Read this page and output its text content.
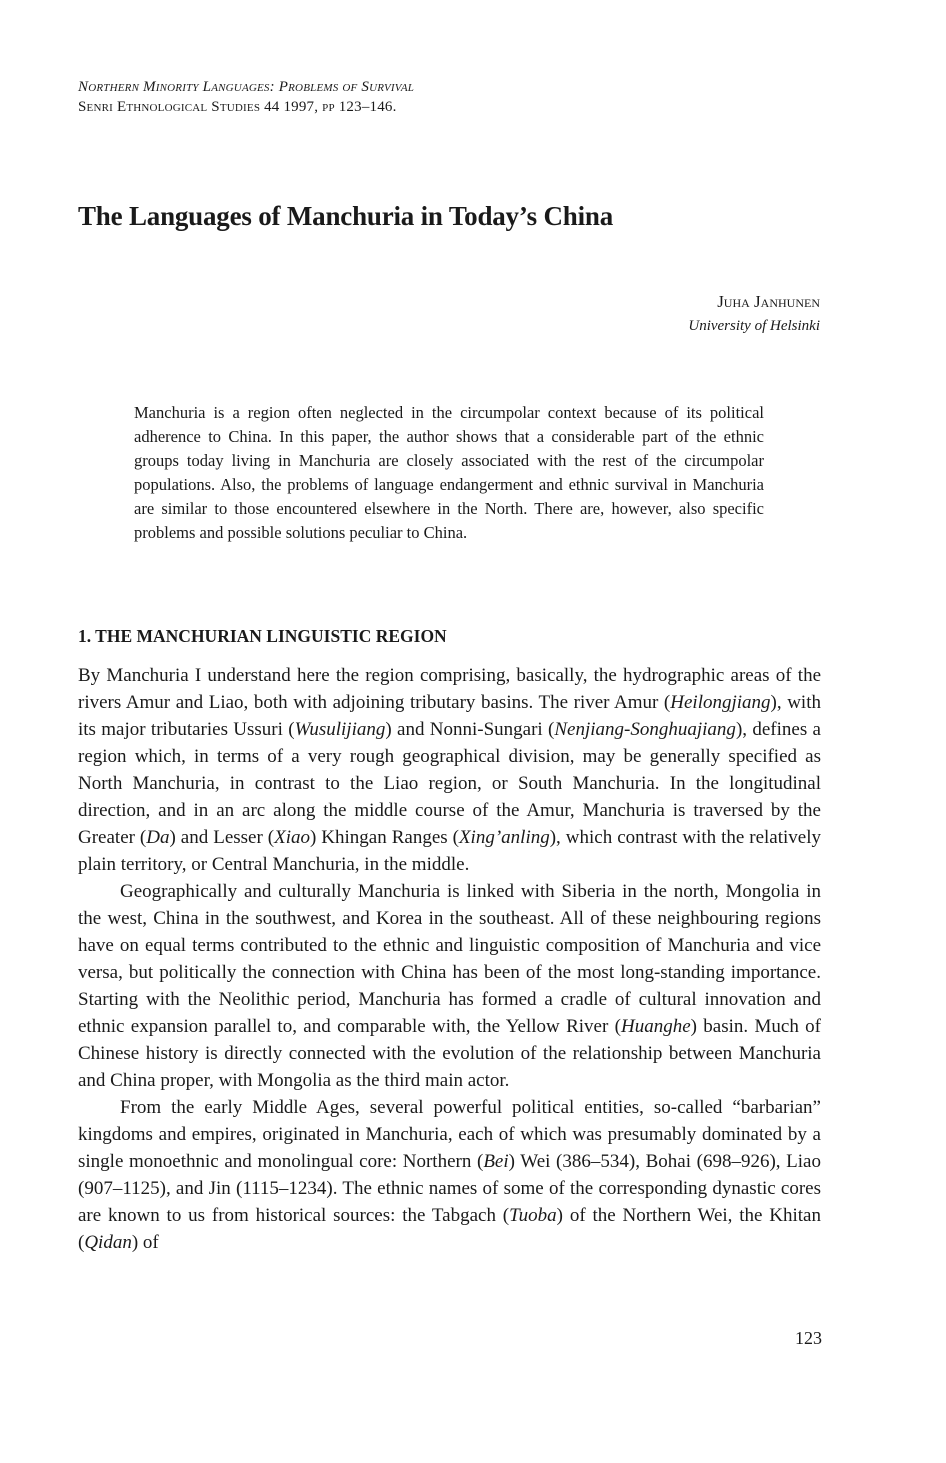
Northern Minority Languages: Problems of Survival
Senri Ethnological Studies 44 1997, pp 123–146.
The Languages of Manchuria in Today’s China
Juha Janhunen
University of Helsinki

Manchuria is a region often neglected in the circumpolar context because of its political adherence to China. In this paper, the author shows that a considerable part of the ethnic groups today living in Manchuria are closely associated with the rest of the circumpolar populations. Also, the problems of language endangerment and ethnic survival in Manchuria are similar to those encountered elsewhere in the North. There are, however, also specific problems and possible solutions peculiar to China.

1. THE MANCHURIAN LINGUISTIC REGION

By Manchuria I understand here the region comprising, basically, the hydrographic areas of the rivers Amur and Liao, both with adjoining tributary basins. The river Amur (Heilongjiang), with its major tributaries Ussuri (Wusulijiang) and Nonni-Sungari (Nenjiang-Songhuajiang), defines a region which, in terms of a very rough geographical division, may be generally specified as North Manchuria, in contrast to the Liao region, or South Manchuria. In the longitudinal direction, and in an arc along the middle course of the Amur, Manchuria is traversed by the Greater (Da) and Lesser (Xiao) Khingan Ranges (Xing’anling), which contrast with the relatively plain territory, or Central Manchuria, in the middle.

Geographically and culturally Manchuria is linked with Siberia in the north, Mongolia in the west, China in the southwest, and Korea in the southeast. All of these neighbouring regions have on equal terms contributed to the ethnic and linguistic composition of Manchuria and vice versa, but politically the connection with China has been of the most long-standing importance. Starting with the Neolithic period, Manchuria has formed a cradle of cultural innovation and ethnic expansion parallel to, and comparable with, the Yellow River (Huanghe) basin. Much of Chinese history is directly connected with the evolution of the relationship between Manchuria and China proper, with Mongolia as the third main actor.

From the early Middle Ages, several powerful political entities, so-called “barbarian” kingdoms and empires, originated in Manchuria, each of which was presumably dominated by a single monoethnic and monolingual core: Northern (Bei) Wei (386–534), Bohai (698–926), Liao (907–1125), and Jin (1115–1234). The ethnic names of some of the corresponding dynastic cores are known to us from historical sources: the Tabgach (Tuoba) of the Northern Wei, the Khitan (Qidan) of

123
